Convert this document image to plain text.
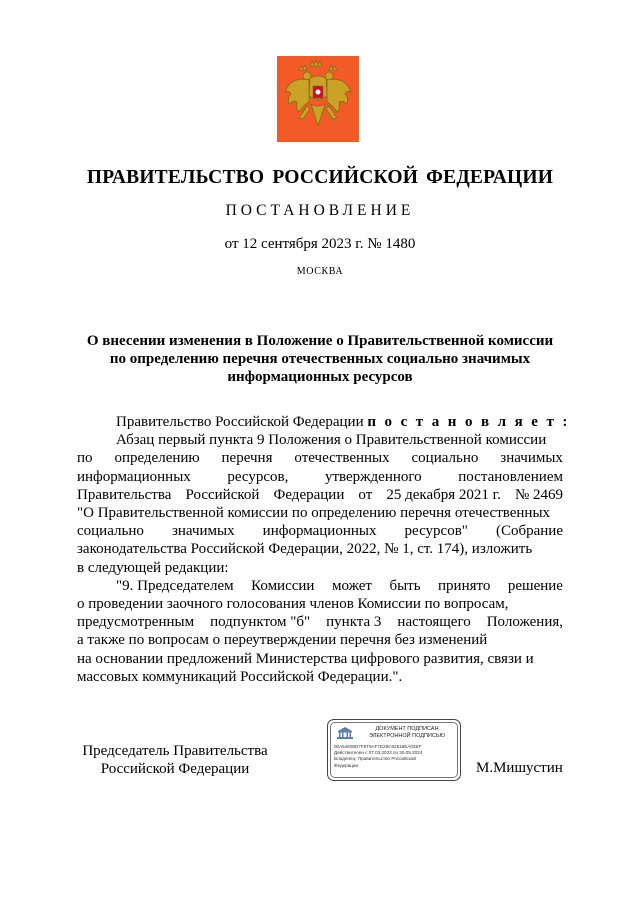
ПРАВИТЕЛЬСТВО РОССИЙСКОЙ ФЕДЕРАЦИИ
ПОСТАНОВЛЕНИЕ
от 12 сентября 2023 г. № 1480
МОСКВА
О внесении изменения в Положение о Правительственной комиссии
по определению перечня отечественных социально значимых
информационных ресурсов
Правительство Российской Федерации п о с т а н о в л я е т :
Абзац первый пункта 9 Положения о Правительственной комиссии
по определению перечня отечественных социально значимых
информационных ресурсов, утвержденного постановлением
Правительства Российской Федерации от 25 декабря 2021 г. № 2469
"О Правительственной комиссии по определению перечня отечественных
социально значимых информационных ресурсов" (Собрание
законодательства Российской Федерации, 2022, № 1, ст. 174), изложить
в следующей редакции:
"9. Председателем Комиссии может быть принято решение
о проведении заочного голосования членов Комиссии по вопросам,
предусмотренным подпунктом "б" пункта 3 настоящего Положения,
а также по вопросам о переутверждении перечня без изменений
на основании предложений Министерства цифрового развития, связи и
массовых коммуникаций Российской Федерации.".
Председатель Правительства
Российской Федерации
ДОКУМЕНТ ПОДПИСАН
ЭЛЕКТРОННОЙ ПОДПИСЬЮ
00A54608D7F6T9AF7E29C62918EA03EF
Действителен с 07.03.2023 по 30.05.2024
Владелец: Правительство Российской
Федерации	М.Мишустин
